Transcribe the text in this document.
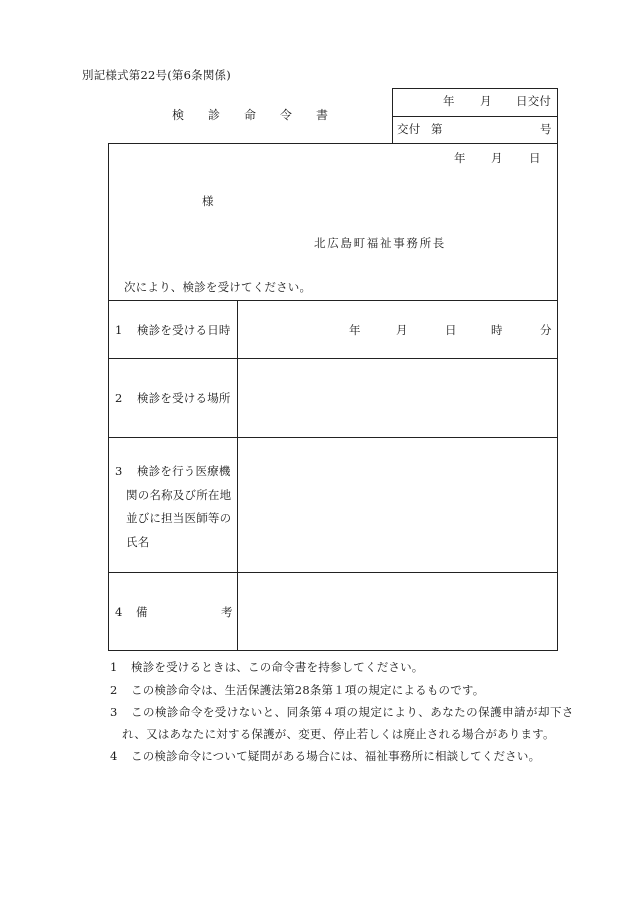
別記様式第22号(第6条関係)
検診命令書
年 月 日交付
交付 第	号
年 月 日
様
北広島町福祉事務所長
次により、検診を受けてください。
1 検診を受ける日時	年	月	日	時	分
2 検診を受ける場所
3 検診を行う医療機
関の名称及び所在地
並びに担当医師等の
氏名
4 備	考
1 検診を受けるときは、この命令書を持参してください。
2 この検診命令は、生活保護法第28条第１項の規定によるものです。
3 この検診命令を受けないと、同条第４項の規定により、あなたの保護申請が却下さ
れ、又はあなたに対する保護が、変更、停止若しくは廃止される場合があります。
4 この検診命令について疑問がある場合には、福祉事務所に相談してください。
